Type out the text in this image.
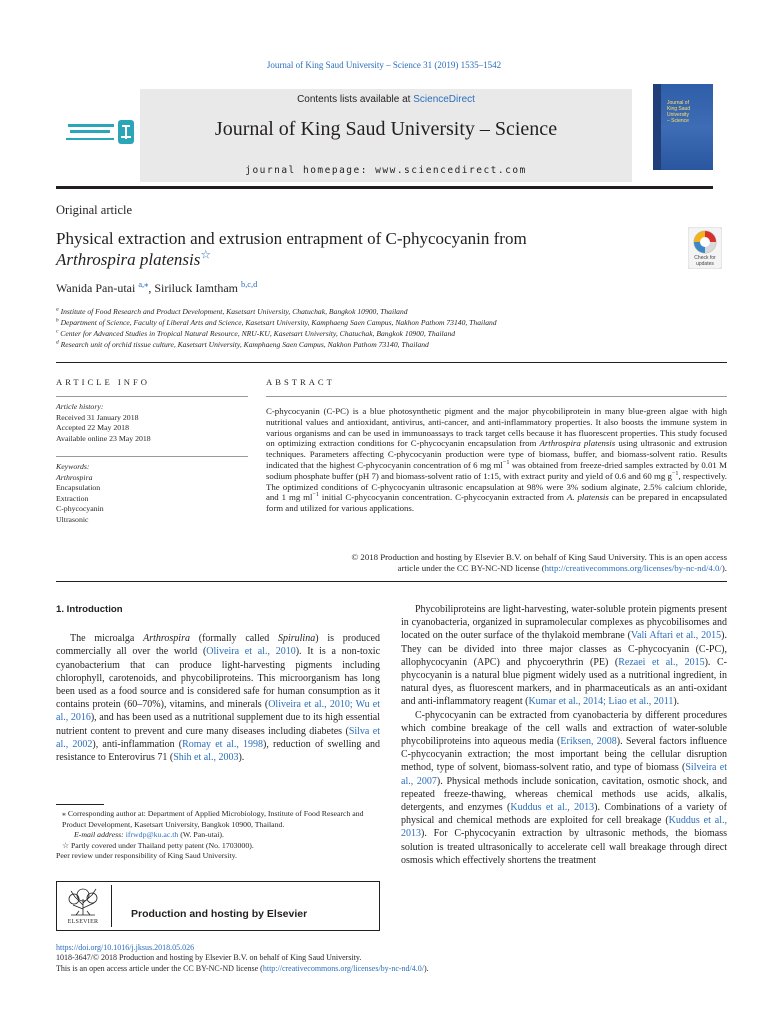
Journal of King Saud University – Science 31 (2019) 1535–1542
Contents lists available at ScienceDirect
Journal of King Saud University – Science
journal homepage: www.sciencedirect.com
Journal of
King Saud University
– Science
Original article
Physical extraction and extrusion entrapment of C-phycocyanin from
Arthrospira platensis☆	Check for updates
Wanida Pan-utai $^{a,⁎}$, Siriluck Iamtham $^{b,c,d}$
$^a$ Institute of Food Research and Product Development, Kasetsart University, Chatuchak, Bangkok 10900, Thailand
$^b$ Department of Science, Faculty of Liberal Arts and Science, Kasetsart University, Kamphaeng Saen Campus, Nakhon Pathom 73140, Thailand
$^c$ Center for Advanced Studies in Tropical Natural Resource, NRU-KU, Kasetsart University, Chatuchak, Bangkok 10900, Thailand
$^d$ Research unit of orchid tissue culture, Kasetsart University, Kamphaeng Saen Campus, Nakhon Pathom 73140, Thailand
ARTICLE INFO
Article history:
Received 31 January 2018
Accepted 22 May 2018
Available online 23 May 2018
Keywords:
Arthrospira
Encapsulation
Extraction
C-phycocyanin
Ultrasonic
ABSTRACT
C-phycocyanin (C-PC) is a blue photosynthetic pigment and the major phycobiliprotein in many blue-green algae with high nutritional values and antioxidant, antivirus, anti-cancer, and anti-inflammatory properties. It also boosts the immune system in various organisms and can be used in immunoassays to track target cells because it has fluorescent properties. This study focused on optimizing extraction conditions for C-phycocyanin encapsulation from Arthrospira platensis using ultrasonic and extrusion techniques. Parameters affecting C-phycocyanin production were type of biomass, buffer, and biomass-solvent ratio. Results indicated that the highest C-phycocyanin concentration of 6 mg $ml^{-1}$ was obtained from freeze-dried samples extracted by 0.01 M sodium phosphate buffer (pH 7) and biomass-solvent ratio of 1:15, with extract purity and yield of 0.6 and 60 mg $g^{-1}$, respectively. The optimized conditions of C-phycocyanin ultrasonic encapsulation at 98% were 3% sodium alginate, 2.5% calcium chloride, and 1 mg $ml^{-1}$ initial C-phycocyanin concentration. C-phycocyanin extracted from A. platensis can be prepared in encapsulated form and utilized for various applications.
© 2018 Production and hosting by Elsevier B.V. on behalf of King Saud University. This is an open access
article under the CC BY-NC-ND license (http://creativecommons.org/licenses/by-nc-nd/4.0/).
1. Introduction

The microalga Arthrospira (formally called Spirulina) is produced commercially all over the world (Oliveira et al., 2010). It is a non-toxic cyanobacterium that can produce light-harvesting pigments including chlorophyll, carotenoids, and phycobiliproteins. This microorganism has long been used as a food source and is considered safe for human consumption as it contains protein (60–70%), vitamins, and minerals (Oliveira et al., 2010; Wu et al., 2016), and has been used as a nutritional supplement due to its high essential nutrient content to prevent and cure many diseases including diabetes (Silva et al., 2002), anti-inflammation (Romay et al., 1998), reduction of swelling and resistance to Enterovirus 71 (Shih et al., 2003).

⁎ Corresponding author at: Department of Applied Microbiology, Institute of Food Research and Product Development, Kasetsart University, Bangkok 10900, Thailand.
E-mail address: ifrwdp@ku.ac.th (W. Pan-utai).
☆ Partly covered under Thailand petty patent (No. 1703000).
Peer review under responsibility of King Saud University.
ELSEVIER
Production and hosting by Elsevier

Phycobiliproteins are light-harvesting, water-soluble protein pigments present in cyanobacteria, organized in supramolecular complexes as phycobilisomes and located on the outer surface of the thylakoid membrane (Vali Aftari et al., 2015). They can be divided into three major classes as C-phycocyanin (C-PC), allophycocyanin (APC) and phycoerythrin (PE) (Rezaei et al., 2015). C-phycocyanin is a natural blue pigment widely used as a nutritional ingredient, in natural dyes, as fluorescent markers, and in pharmaceuticals as an anti-oxidant and anti-inflammatory reagent (Kumar et al., 2014; Liao et al., 2011).

C-phycocyanin can be extracted from cyanobacteria by different procedures which combine breakage of the cell walls and extraction of water-soluble phycobiliproteins into aqueous media (Eriksen, 2008). Several factors influence C-phycocyanin extraction; the most important being the cellular disruption method, type of solvent, biomass-solvent ratio, and type of biomass (Silveira et al., 2007). Physical methods include sonication, cavitation, osmotic shock, and repeated freeze-thawing, whereas chemical methods use acids, alkalis, detergents, and enzymes (Kuddus et al., 2013). Combinations of a variety of physical and chemical methods are exploited for cell breakage (Kuddus et al., 2013). For C-phycocyanin extraction by ultrasonic methods, the biomass solution is treated ultrasonically to accelerate cell wall breakage through direct osmosis which effectively shortens the treatment

https://doi.org/10.1016/j.jksus.2018.05.026
1018-3647/© 2018 Production and hosting by Elsevier B.V. on behalf of King Saud University.
This is an open access article under the CC BY-NC-ND license (http://creativecommons.org/licenses/by-nc-nd/4.0/).
